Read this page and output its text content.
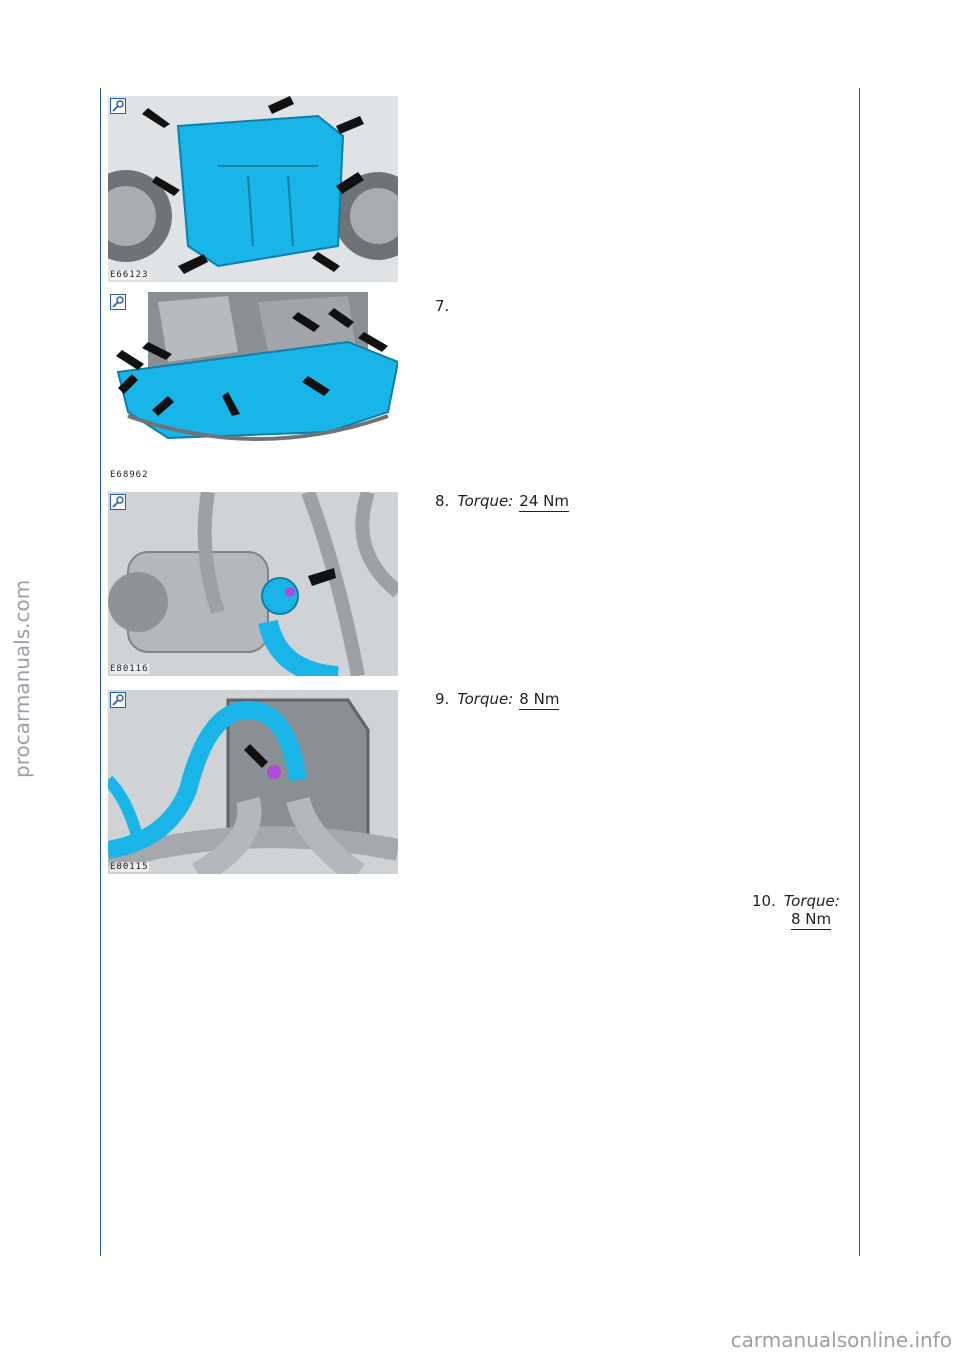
E66123
E68962
E80116
E80115
7.
8. Torque: 24 Nm
9. Torque: 8 Nm
10. Torque:
8 Nm
procarmanuals.com
carmanualsonline.info
